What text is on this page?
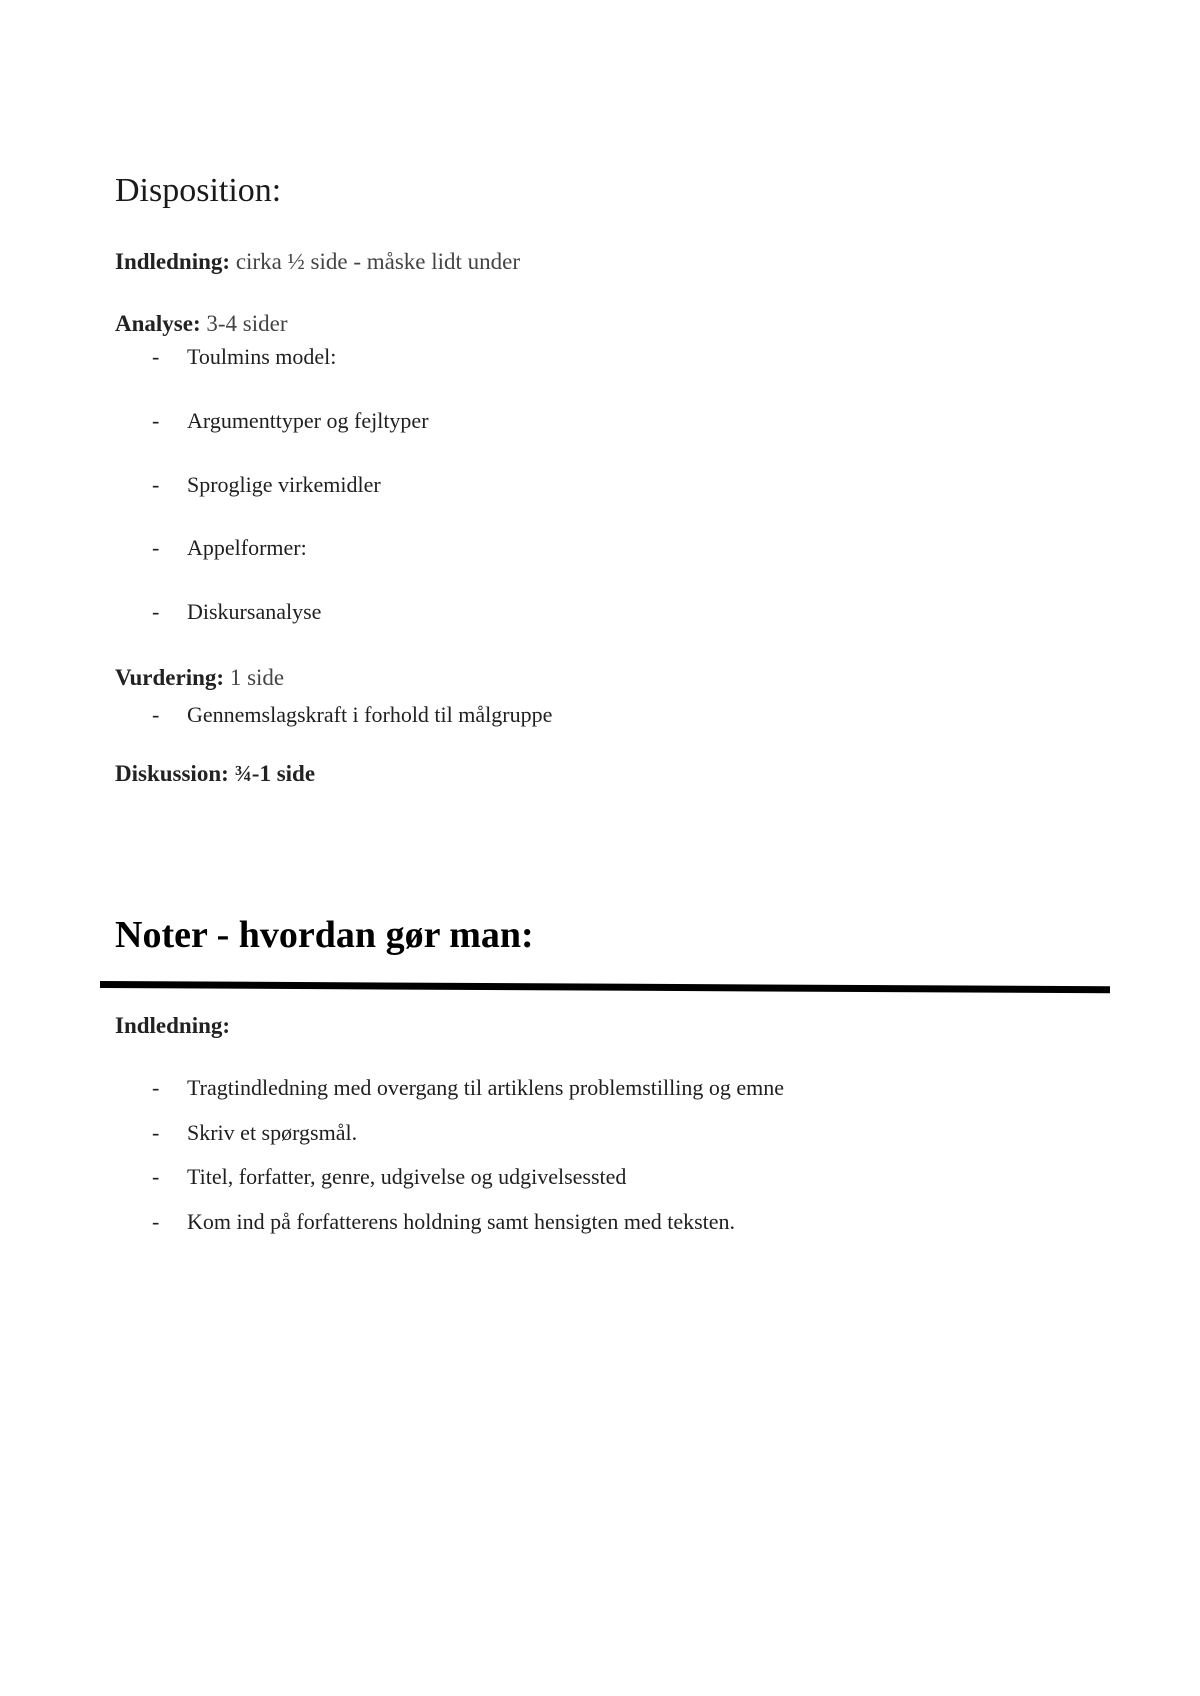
Disposition:
Indledning: cirka ½ side - måske lidt under
Analyse: 3-4 sider
- Toulmins model:
- Argumenttyper og fejltyper
- Sproglige virkemidler
- Appelformer:
- Diskursanalyse
Vurdering: 1 side
- Gennemslagskraft i forhold til målgruppe
Diskussion: ¾-1 side
Noter - hvordan gør man:
Indledning:
- Tragtindledning med overgang til artiklens problemstilling og emne
- Skriv et spørgsmål.
- Titel, forfatter, genre, udgivelse og udgivelsessted
- Kom ind på forfatterens holdning samt hensigten med teksten.
